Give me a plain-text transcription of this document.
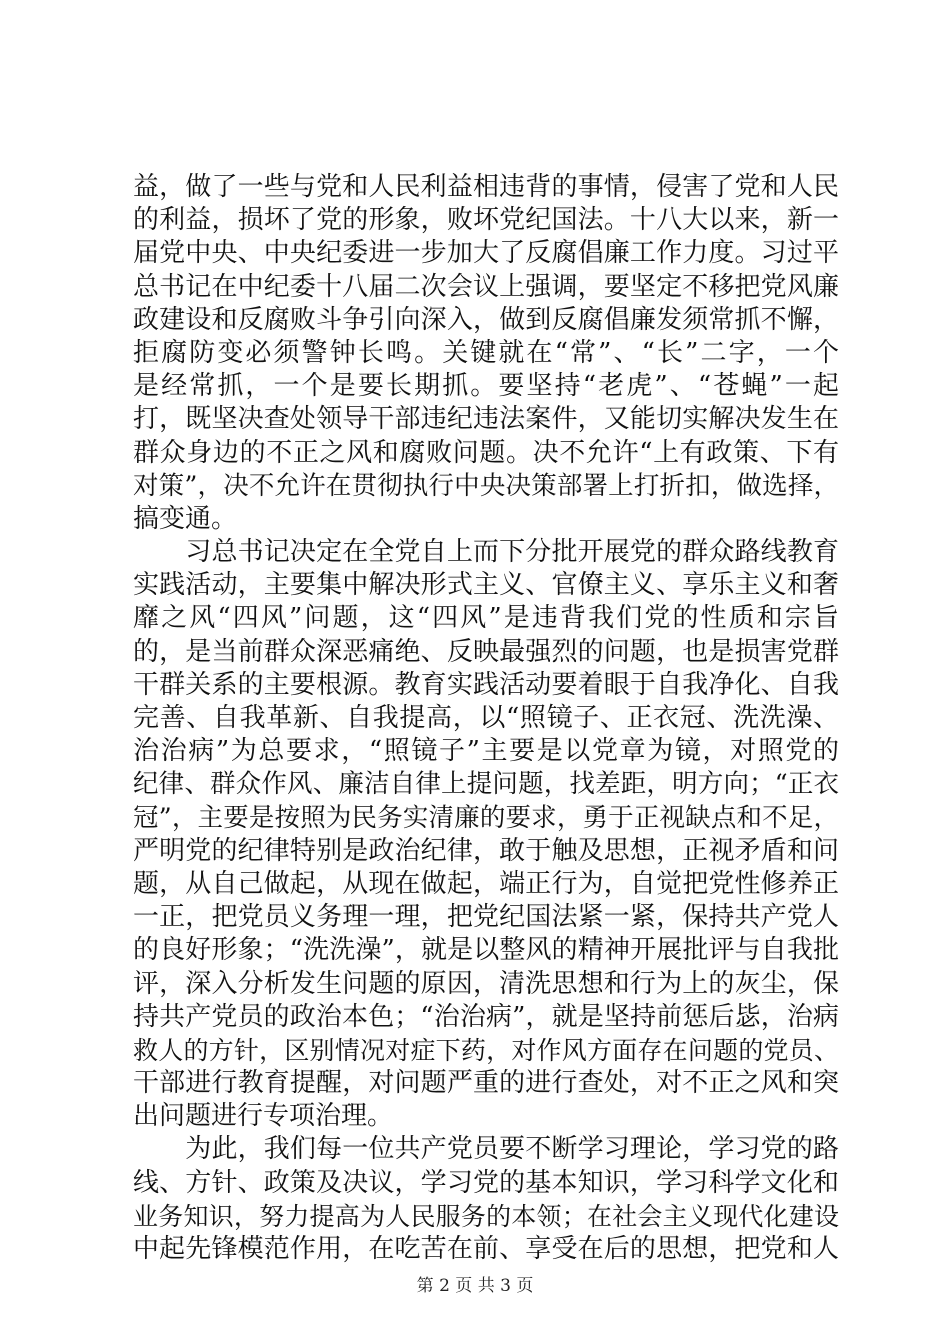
益，做了一些与党和人民利益相违背的事情，侵害了党和人民
的利益，损坏了党的形象，败坏党纪国法。十八大以来，新一
届党中央、中央纪委进一步加大了反腐倡廉工作力度。习过平
总书记在中纪委十八届二次会议上强调，要坚定不移把党风廉
政建设和反腐败斗争引向深入，做到反腐倡廉发须常抓不懈，
拒腐防变必须警钟长鸣。关键就在“常”、“长”二字，一个
是经常抓，一个是要长期抓。要坚持“老虎”、“苍蝇”一起
打，既坚决查处领导干部违纪违法案件，又能切实解决发生在
群众身边的不正之风和腐败问题。决不允许“上有政策、下有
对策”，决不允许在贯彻执行中央决策部署上打折扣，做选择，
搞变通。
　　习总书记决定在全党自上而下分批开展党的群众路线教育
实践活动，主要集中解决形式主义、官僚主义、享乐主义和奢
靡之风“四风”问题，这“四风”是违背我们党的性质和宗旨
的，是当前群众深恶痛绝、反映最强烈的问题，也是损害党群
干群关系的主要根源。教育实践活动要着眼于自我净化、自我
完善、自我革新、自我提高，以“照镜子、正衣冠、洗洗澡、
治治病”为总要求，“照镜子”主要是以党章为镜，对照党的
纪律、群众作风、廉洁自律上提问题，找差距，明方向；“正衣
冠”，主要是按照为民务实清廉的要求，勇于正视缺点和不足，
严明党的纪律特别是政治纪律，敢于触及思想，正视矛盾和问
题，从自己做起，从现在做起，端正行为，自觉把党性修养正
一正，把党员义务理一理，把党纪国法紧一紧，保持共产党人
的良好形象；“洗洗澡”，就是以整风的精神开展批评与自我批
评，深入分析发生问题的原因，清洗思想和行为上的灰尘，保
持共产党员的政治本色；“治治病”，就是坚持前惩后毖，治病
救人的方针，区别情况对症下药，对作风方面存在问题的党员、
干部进行教育提醒，对问题严重的进行查处，对不正之风和突
出问题进行专项治理。
　　为此，我们每一位共产党员要不断学习理论，学习党的路
线、方针、政策及决议，学习党的基本知识，学习科学文化和
业务知识，努力提高为人民服务的本领；在社会主义现代化建设
中起先锋模范作用，在吃苦在前、享受在后的思想，把党和人
第 2 页 共 3 页
